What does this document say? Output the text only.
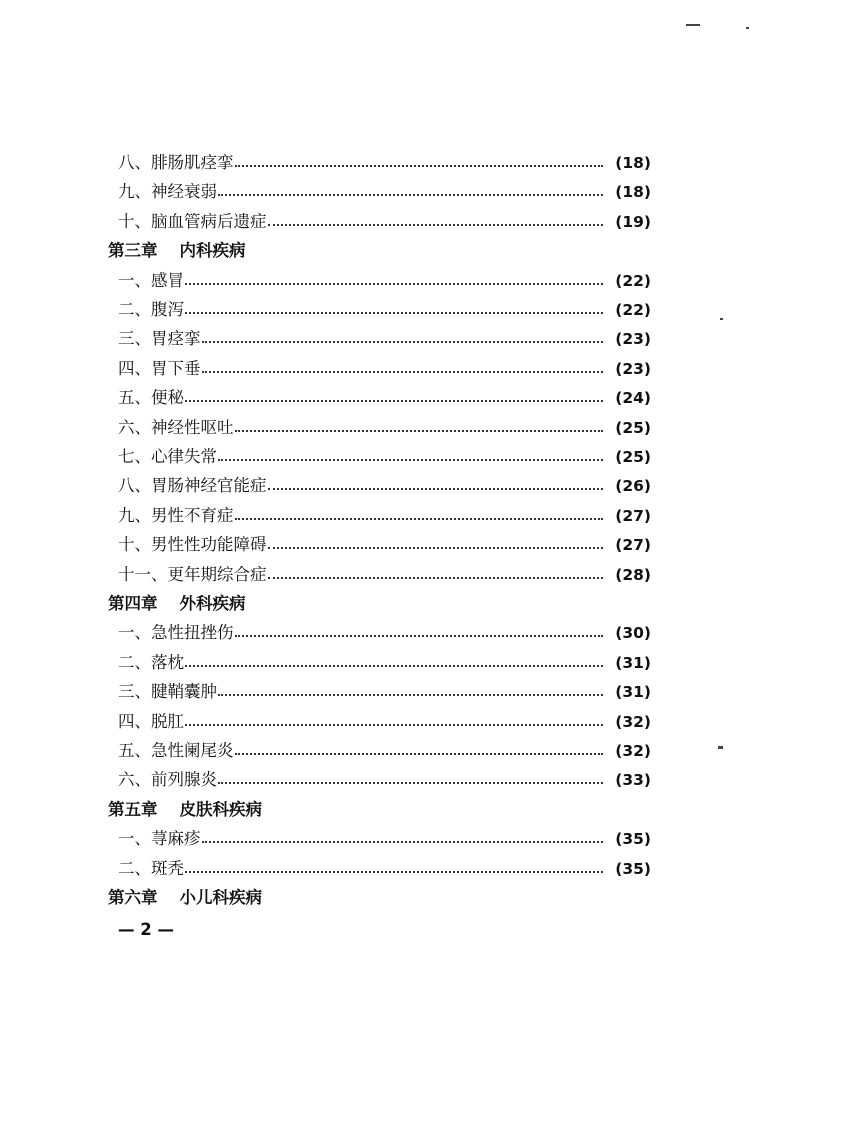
八、腓肠肌痉挛	(18)
九、神经衰弱	(18)
十、脑血管病后遗症	(19)
第三章 内科疾病
一、感冒	(22)
二、腹泻	(22)
三、胃痉挛	(23)
四、胃下垂	(23)
五、便秘	(24)
六、神经性呕吐	(25)
七、心律失常	(25)
八、胃肠神经官能症	(26)
九、男性不育症	(27)
十、男性性功能障碍	(27)
十一、更年期综合症	(28)
第四章 外科疾病
一、急性扭挫伤	(30)
二、落枕	(31)
三、腱鞘囊肿	(31)
四、脱肛	(32)
五、急性阑尾炎	(32)
六、前列腺炎	(33)
第五章 皮肤科疾病
一、荨麻疹	(35)
二、斑秃	(35)
第六章 小儿科疾病
— 2 —
